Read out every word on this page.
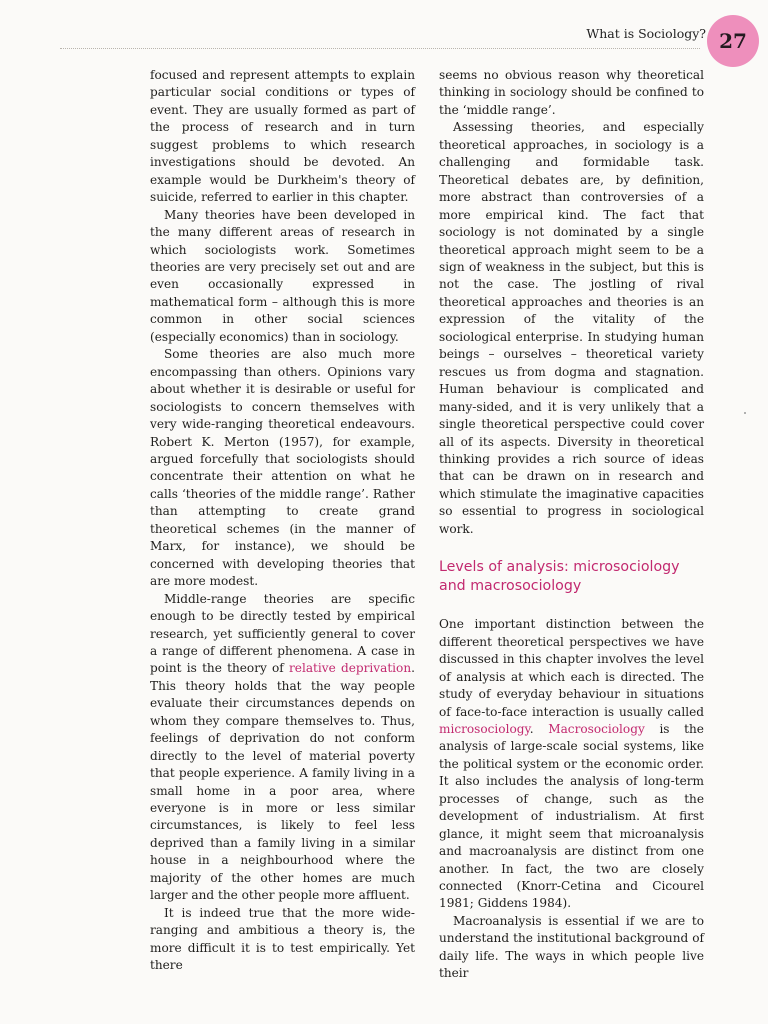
What is Sociology? 27

focused and represent attempts to explain particular social conditions or types of event. They are usually formed as part of the process of research and in turn suggest problems to which research investigations should be devoted. An example would be Durkheim's theory of suicide, referred to earlier in this chapter.

Many theories have been developed in the many different areas of research in which sociologists work. Sometimes theories are very precisely set out and are even occasionally expressed in mathematical form – although this is more common in other social sciences (especially economics) than in sociology.

Some theories are also much more encompassing than others. Opinions vary about whether it is desirable or useful for sociologists to concern themselves with very wide-ranging theoretical endeavours. Robert K. Merton (1957), for example, argued forcefully that sociologists should concentrate their attention on what he calls ‘theories of the middle range’. Rather than attempting to create grand theoretical schemes (in the manner of Marx, for instance), we should be concerned with developing theories that are more modest.

Middle-range theories are specific enough to be directly tested by empirical research, yet sufficiently general to cover a range of different phenomena. A case in point is the theory of relative deprivation. This theory holds that the way people evaluate their circumstances depends on whom they compare themselves to. Thus, feelings of deprivation do not conform directly to the level of material poverty that people experience. A family living in a small home in a poor area, where everyone is in more or less similar circumstances, is likely to feel less deprived than a family living in a similar house in a neighbourhood where the majority of the other homes are much larger and the other people more affluent.

It is indeed true that the more wide-ranging and ambitious a theory is, the more difficult it is to test empirically. Yet there

seems no obvious reason why theoretical thinking in sociology should be confined to the ‘middle range’.

Assessing theories, and especially theoretical approaches, in sociology is a challenging and formidable task. Theoretical debates are, by definition, more abstract than controversies of a more empirical kind. The fact that sociology is not dominated by a single theoretical approach might seem to be a sign of weakness in the subject, but this is not the case. The jostling of rival theoretical approaches and theories is an expression of the vitality of the sociological enterprise. In studying human beings – ourselves – theoretical variety rescues us from dogma and stagnation. Human behaviour is complicated and many-sided, and it is very unlikely that a single theoretical perspective could cover all of its aspects. Diversity in theoretical thinking provides a rich source of ideas that can be drawn on in research and which stimulate the imaginative capacities so essential to progress in sociological work.

Levels of analysis: microsociology and macrosociology

One important distinction between the different theoretical perspectives we have discussed in this chapter involves the level of analysis at which each is directed. The study of everyday behaviour in situations of face-to-face interaction is usually called microsociology. Macrosociology is the analysis of large-scale social systems, like the political system or the economic order. It also includes the analysis of long-term processes of change, such as the development of industrialism. At first glance, it might seem that microanalysis and macroanalysis are distinct from one another. In fact, the two are closely connected (Knorr-Cetina and Cicourel 1981; Giddens 1984).

Macroanalysis is essential if we are to understand the institutional background of daily life. The ways in which people live their
